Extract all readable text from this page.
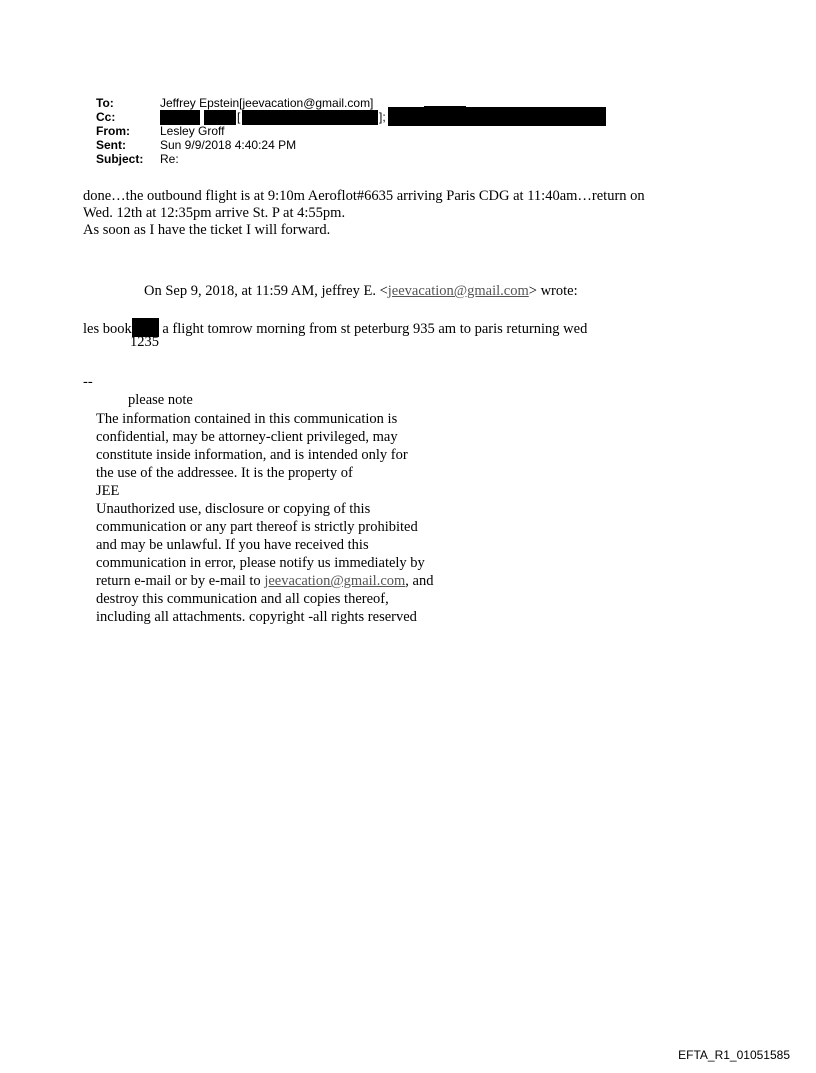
To:	Jeffrey Epstein[jeevacation@gmail.com]
Cc:	[	];
From:	Lesley Groff
Sent:	Sun 9/9/2018 4:40:24 PM
Subject: Re:
done…the outbound flight is at 9:10m Aeroflot#6635 arriving Paris CDG at 11:40am…return on
Wed. 12th at 12:35pm arrive St. P at 4:55pm.
As soon as I have the ticket I will forward.
On Sep 9, 2018, at 11:59 AM, jeffrey E. <jeevacation@gmail.com> wrote:
les book a flight tomrow morning from st peterburg 935 am to paris returning wed
1235
--
please note
The information contained in this communication is
confidential, may be attorney-client privileged, may
constitute inside information, and is intended only for
the use of the addressee. It is the property of
JEE
Unauthorized use, disclosure or copying of this
communication or any part thereof is strictly prohibited
and may be unlawful. If you have received this
communication in error, please notify us immediately by
return e-mail or by e-mail to jeevacation@gmail.com, and
destroy this communication and all copies thereof,
including all attachments. copyright -all rights reserved
EFTA_R1_01051585
